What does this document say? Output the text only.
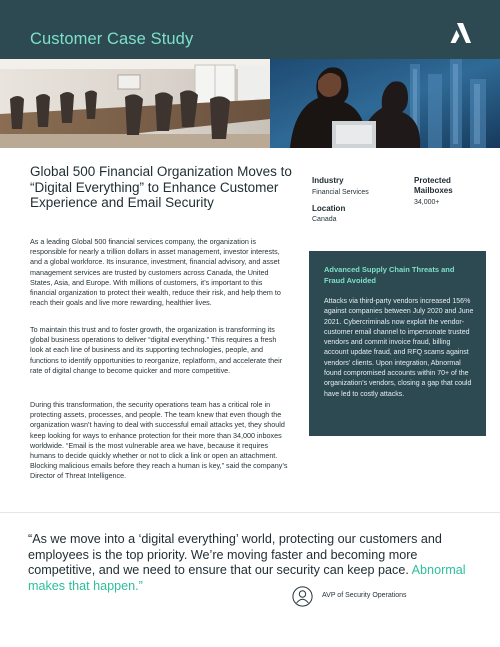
Customer Case Study
Global 500 Financial Organization Moves to “Digital Everything” to Enhance Customer Experience and Email Security

As a leading Global 500 financial services company, the organization is responsible for nearly a trillion dollars in asset management, investor interests, and a global workforce. Its insurance, investment, financial advisory, and asset management services are trusted by customers across Canada, the United States, Asia, and Europe. With millions of customers, it’s important to this financial organization to protect their wealth, reduce their risk, and help them to reach their goals and live more rewarding, healthier lives.

To maintain this trust and to foster growth, the organization is transforming its global business operations to deliver “digital everything.” This requires a fresh look at each line of business and its supporting technologies, people, and functions to identify opportunities to reorganize, replatform, and accelerate their rate of digital change to become quicker and more competitive.

During this transformation, the security operations team has a critical role in protecting assets, processes, and people. The team knew that even though the organization wasn’t having to deal with successful email attacks yet, they should keep looking for ways to enhance protection for their more than 34,000 inboxes worldwide. “Email is the most vulnerable area we have, because it requires humans to decide quickly whether or not to click a link or open an attachment. Blocking malicious emails before they reach a human is key,” said the company’s Director of Threat Intelligence.

Industry
Financial Services
Protected Mailboxes
34,000+
Location
Canada
Advanced Supply Chain Threats and Fraud Avoided
Attacks via third-party vendors increased 156% against companies between July 2020 and June 2021. Cybercriminals now exploit the vendor-customer email channel to impersonate trusted vendors and commit invoice fraud, billing account update fraud, and RFQ scams against vendors’ clients. Upon integration, Abnormal found compromised accounts within 70+ of the organization’s vendors, closing a gap that could have led to costly attacks.
“As we move into a ‘digital everything’ world, protecting our customers and employees is the top priority. We’re moving faster and becoming more competitive, and we need to ensure that our security can keep pace. Abnormal makes that happen.”
AVP of Security Operations
